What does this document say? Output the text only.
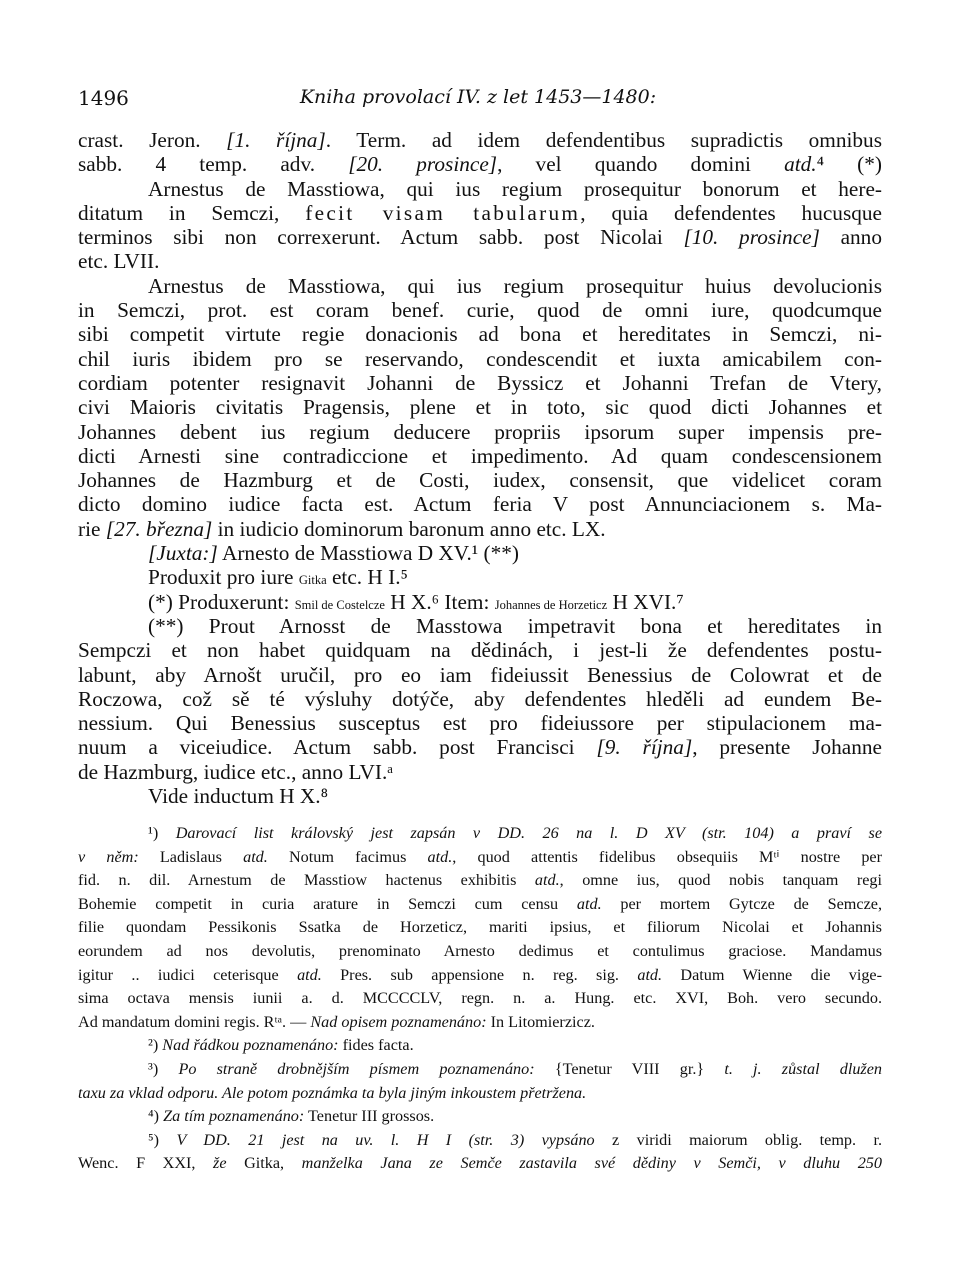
1496	Kniha provolací IV. z let 1453—1480:
crast. Jeron. [1. října]. Term. ad idem defendentibus supradictis omnibus
sabb. 4 temp. adv. [20. prosince], vel quando domini atd.⁴ (*)
Arnestus de Masstiowa, qui ius regium prosequitur bonorum et here-
ditatum in Semczi, fecit visam tabularum, quia defendentes hucusque
terminos sibi non correxerunt. Actum sabb. post Nicolai [10. prosince] anno
etc. LVII.
Arnestus de Masstiowa, qui ius regium prosequitur huius devolucionis
in Semczi, prot. est coram benef. curie, quod de omni iure, quodcumque
sibi competit virtute regie donacionis ad bona et hereditates in Semczi, ni-
chil iuris ibidem pro se reservando, condescendit et iuxta amicabilem con-
cordiam potenter resignavit Johanni de Byssicz et Johanni Trefan de Vtery,
civi Maioris civitatis Pragensis, plene et in toto, sic quod dicti Johannes et
Johannes debent ius regium deducere propriis ipsorum super impensis pre-
dicti Arnesti sine contradiccione et impedimento. Ad quam condescensionem
Johannes de Hazmburg et de Costi, iudex, consensit, que videlicet coram
dicto domino iudice facta est. Actum feria V post Annunciacionem s. Ma-
rie [27. března] in iudicio dominorum baronum anno etc. LX.
[Juxta:] Arnesto de Masstiowa D XV.¹ (**)
Produxit pro iure Gitka etc. H I.⁵
(*) Produxerunt: Smil de Costelcze H X.⁶ Item: Johannes de Horzeticz H XVI.⁷
(**) Prout Arnosst de Masstowa impetravit bona et hereditates in
Sempczi et non habet quidquam na dědinách, i jest-li že defendentes postu-
labunt, aby Arnošt uručil, pro eo iam fideiussit Benessius de Colowrat et de
Roczowa, což sě té výsluhy dotýče, aby defendentes hleděli ad eundem Be-
nessium. Qui Benessius susceptus est pro fideiussore per stipulacionem ma-
nuum a viceiudice. Actum sabb. post Francisci [9. října], presente Johanne
de Hazmburg, iudice etc., anno LVI.ᵃ
Vide inductum H X.⁸
¹) Darovací list královský jest zapsán v DD. 26 na l. D XV (str. 104) a praví se
v něm: Ladislaus atd. Notum facimus atd., quod attentis fidelibus obsequiis Mᵗⁱ nostre per
fid. n. dil. Arnestum de Masstiow hactenus exhibitis atd., omne ius, quod nobis tanquam regi
Bohemie competit in curia arature in Semczi cum censu atd. per mortem Gytcze de Semcze,
filie quondam Pessikonis Ssatka de Horzeticz, mariti ipsius, et filiorum Nicolai et Johannis
eorundem ad nos devolutis, prenominato Arnesto dedimus et contulimus graciose. Mandamus
igitur .. iudici ceterisque atd. Pres. sub appensione n. reg. sig. atd. Datum Wienne die vige-
sima octava mensis iunii a. d. MCCCCLV, regn. n. a. Hung. etc. XVI, Boh. vero secundo.
Ad mandatum domini regis. Rᵗᵃ. — Nad opisem poznamenáno: In Litomierzicz.
²) Nad řádkou poznamenáno: fides facta.
³) Po straně drobnějším písmem poznamenáno: {Tenetur VIII gr.} t. j. zůstal dlužen
taxu za vklad odporu. Ale potom poznámka ta byla jiným inkoustem přetržena.
⁴) Za tím poznamenáno: Tenetur III grossos.
⁵) V DD. 21 jest na uv. l. H I (str. 3) vypsáno z viridi maiorum oblig. temp. r.
Wenc. F XXI, že Gitka, manželka Jana ze Semče zastavila své dědiny v Semči, v dluhu 250
